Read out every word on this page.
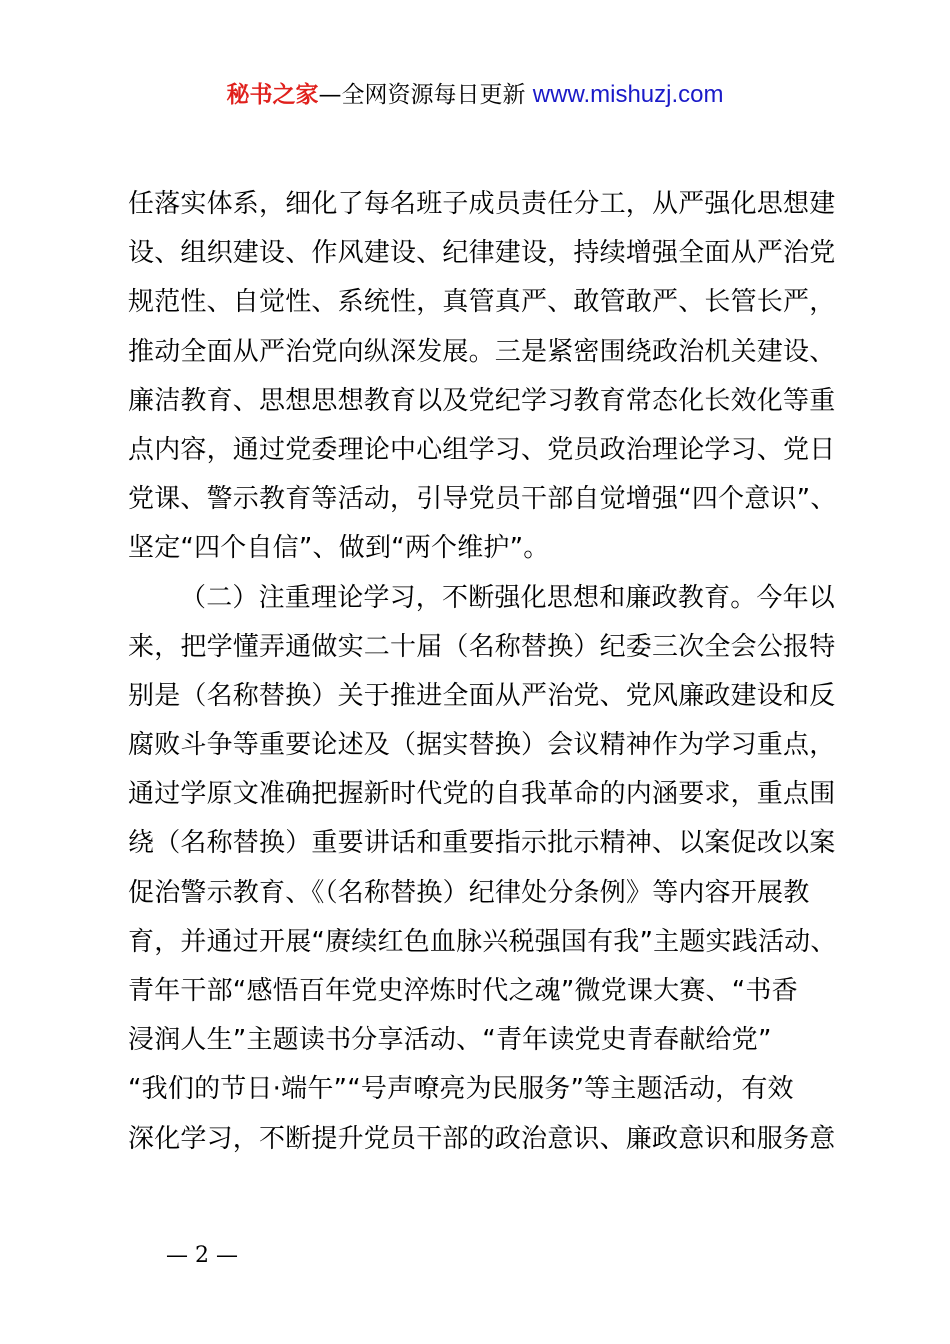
秘书之家—全网资源每日更新 www.mishuzj.com
任落实体系，细化了每名班子成员责任分工，从严强化思想建
设、组织建设、作风建设、纪律建设，持续增强全面从严治党
规范性、自觉性、系统性，真管真严、敢管敢严、长管长严，
推动全面从严治党向纵深发展。三是紧密围绕政治机关建设、
廉洁教育、思想思想教育以及党纪学习教育常态化长效化等重
点内容，通过党委理论中心组学习、党员政治理论学习、党日
党课、警示教育等活动，引导党员干部自觉增强“四个意识”、
坚定“四个自信”、做到“两个维护”。
（二）注重理论学习，不断强化思想和廉政教育。今年以
来，把学懂弄通做实二十届（名称替换）纪委三次全会公报特
别是（名称替换）关于推进全面从严治党、党风廉政建设和反
腐败斗争等重要论述及（据实替换）会议精神作为学习重点，
通过学原文准确把握新时代党的自我革命的内涵要求，重点围
绕（名称替换）重要讲话和重要指示批示精神、以案促改以案
促治警示教育、《（名称替换）纪律处分条例》等内容开展教
育，并通过开展“赓续红色血脉兴税强国有我”主题实践活动、
青年干部“感悟百年党史淬炼时代之魂”微党课大赛、“书香
浸润人生”主题读书分享活动、“青年读党史青春献给党”
“我们的节日·端午”“号声嘹亮为民服务”等主题活动，有效
深化学习，不断提升党员干部的政治意识、廉政意识和服务意
— 2 —
